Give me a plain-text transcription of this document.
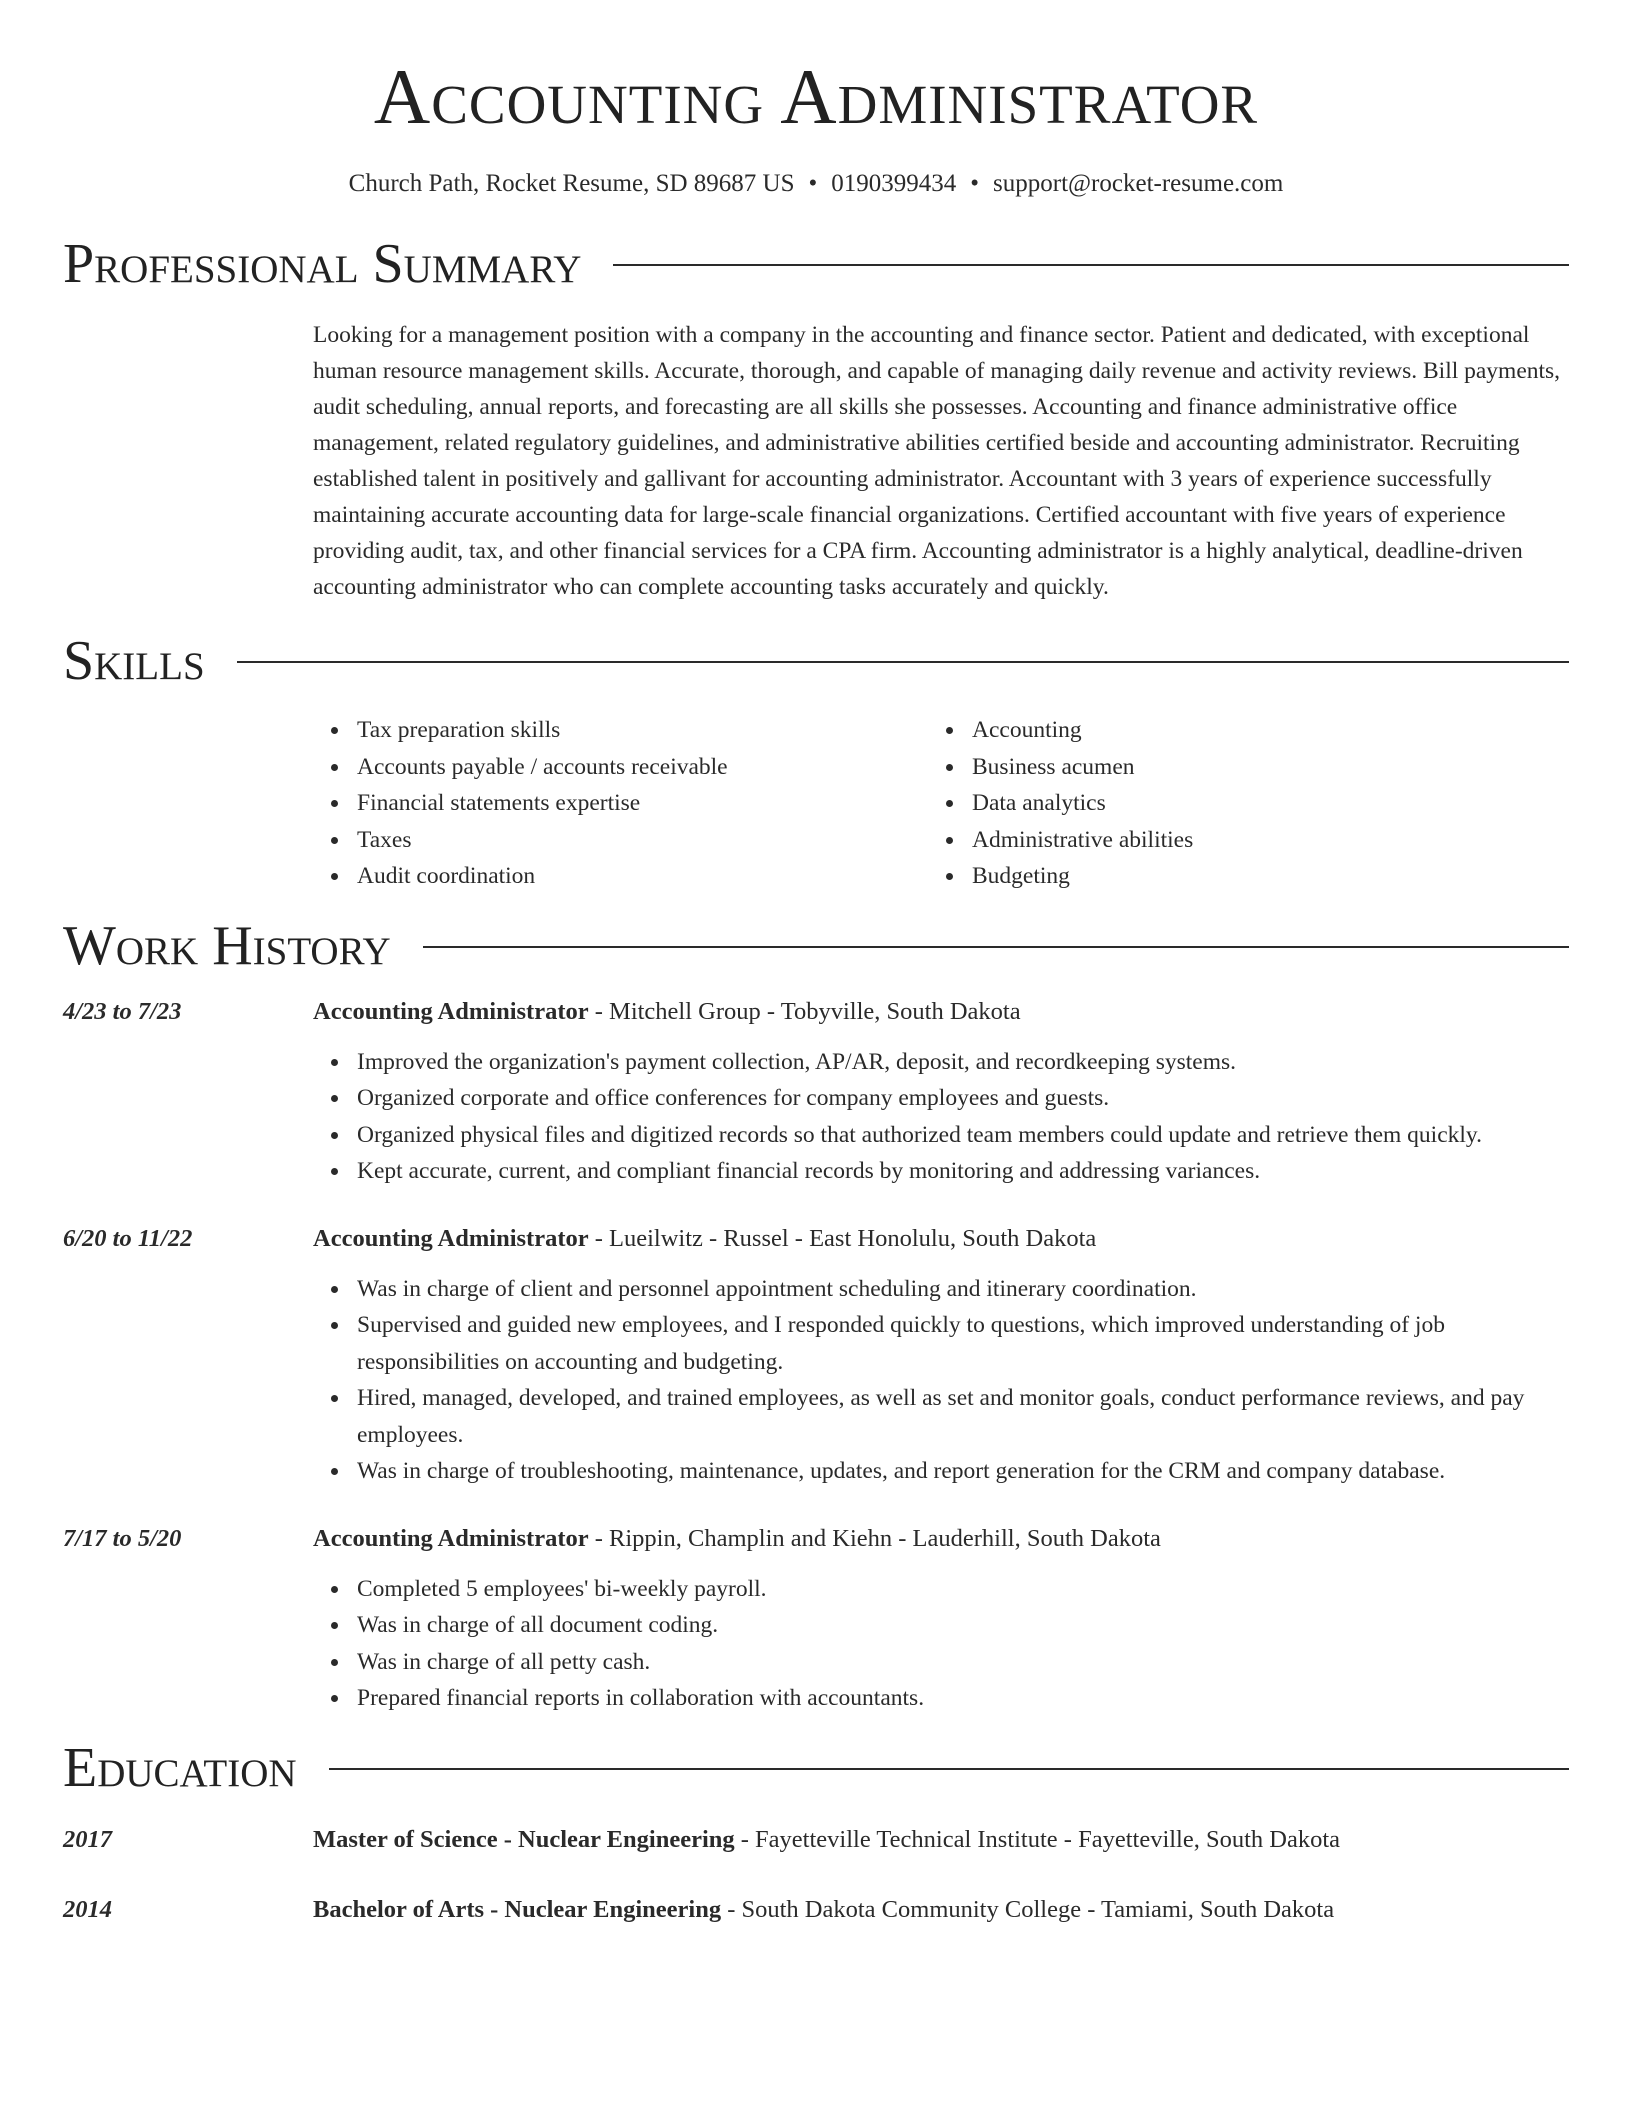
Accounting Administrator
Church Path, Rocket Resume, SD 89687 US • 0190399434 • support@rocket-resume.com
Professional Summary
Looking for a management position with a company in the accounting and finance sector. Patient and dedicated, with exceptional human resource management skills. Accurate, thorough, and capable of managing daily revenue and activity reviews. Bill payments, audit scheduling, annual reports, and forecasting are all skills she possesses. Accounting and finance administrative office management, related regulatory guidelines, and administrative abilities certified beside and accounting administrator. Recruiting established talent in positively and gallivant for accounting administrator. Accountant with 3 years of experience successfully maintaining accurate accounting data for large-scale financial organizations. Certified accountant with five years of experience providing audit, tax, and other financial services for a CPA firm. Accounting administrator is a highly analytical, deadline-driven accounting administrator who can complete accounting tasks accurately and quickly.
Skills
Tax preparation skills
Accounts payable / accounts receivable
Financial statements expertise
Taxes
Audit coordination
Accounting
Business acumen
Data analytics
Administrative abilities
Budgeting
Work History
4/23 to 7/23	Accounting Administrator - Mitchell Group - Tobyville, South Dakota
Improved the organization's payment collection, AP/AR, deposit, and recordkeeping systems.
Organized corporate and office conferences for company employees and guests.
Organized physical files and digitized records so that authorized team members could update and retrieve them quickly.
Kept accurate, current, and compliant financial records by monitoring and addressing variances.
6/20 to 11/22	Accounting Administrator - Lueilwitz - Russel - East Honolulu, South Dakota
Was in charge of client and personnel appointment scheduling and itinerary coordination.
Supervised and guided new employees, and I responded quickly to questions, which improved understanding of job responsibilities on accounting and budgeting.
Hired, managed, developed, and trained employees, as well as set and monitor goals, conduct performance reviews, and pay employees.
Was in charge of troubleshooting, maintenance, updates, and report generation for the CRM and company database.
7/17 to 5/20	Accounting Administrator - Rippin, Champlin and Kiehn - Lauderhill, South Dakota
Completed 5 employees' bi-weekly payroll.
Was in charge of all document coding.
Was in charge of all petty cash.
Prepared financial reports in collaboration with accountants.
Education
2017	Master of Science - Nuclear Engineering - Fayetteville Technical Institute - Fayetteville, South Dakota
2014	Bachelor of Arts - Nuclear Engineering - South Dakota Community College - Tamiami, South Dakota
